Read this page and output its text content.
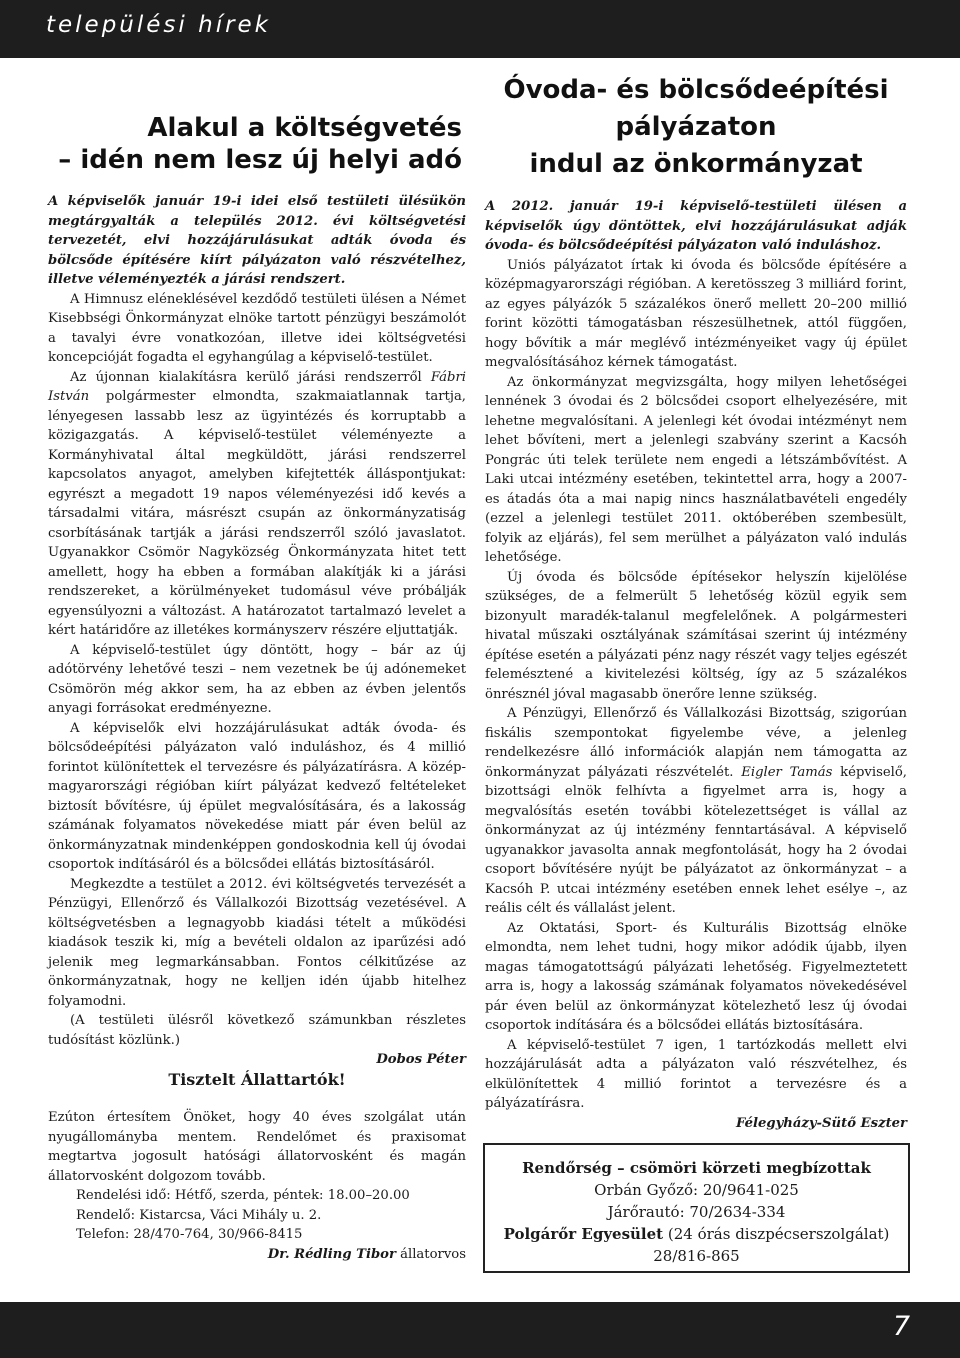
települési hírek
Alakul a költségvetés
– idén nem lesz új helyi adó

A képviselők január 19-i idei első testületi ülésükön megtárgyalták a település 2012. évi költségvetési tervezetét, elvi hozzájárulásukat adták óvoda és bölcsőde építésére kiírt pályázaton való részvételhez, illetve véleményezték a járási rendszert.

A Himnusz eléneklésével kezdődő testületi ülésen a Német Kisebbségi Önkormányzat elnöke tartott pénzügyi beszámolót a tavalyi évre vonatkozóan, illetve idei költségvetési koncepcióját fogadta el egyhangúlag a képviselő-testület.

Az újonnan kialakításra kerülő járási rendszerről Fábri István polgármester elmondta, szakmaiatlannak tartja, lényegesen lassabb lesz az ügyintézés és korruptabb a közigazgatás. A képviselő-testület véleményezte a Kormányhivatal által megküldött, járási rendszerrel kapcsolatos anyagot, amelyben kifejtették álláspontjukat: egyrészt a megadott 19 napos véleményezési idő kevés a társadalmi vitára, másrészt csupán az önkormányzatiság csorbításának tartják a járási rendszerről szóló javaslatot. Ugyanakkor Csömör Nagyközség Önkormányzata hitet tett amellett, hogy ha ebben a formában alakítják ki a járási rendszereket, a körülményeket tudomásul véve próbálják egyensúlyozni a változást. A határozatot tartalmazó levelet a kért határidőre az illetékes kormányszerv részére eljuttatják.

A képviselő-testület úgy döntött, hogy – bár az új adótörvény lehetővé teszi – nem vezetnek be új adónemeket Csömörön még akkor sem, ha az ebben az évben jelentős anyagi forrásokat eredményezne.

A képviselők elvi hozzájárulásukat adták óvoda- és bölcsődeépítési pályázaton való induláshoz, és 4 millió forintot különítettek el tervezésre és pályázatírásra. A közép-magyarországi régióban kiírt pályázat kedvező feltételeket biztosít bővítésre, új épület megvalósítására, és a lakosság számának folyamatos növekedése miatt pár éven belül az önkormányzatnak mindenképpen gondoskodnia kell új óvodai csoportok indításáról és a bölcsődei ellátás biztosításáról.

Megkezdte a testület a 2012. évi költségvetés tervezését a Pénzügyi, Ellenőrző és Vállalkozói Bizottság vezetésével. A költségvetésben a legnagyobb kiadási tételt a működési kiadások teszik ki, míg a bevételi oldalon az iparűzési adó jelenik meg legmarkánsabban. Fontos célkitűzése az önkormányzatnak, hogy ne kelljen idén újabb hitelhez folyamodni.

(A testületi ülésről következő számunkban részletes tudósítást közlünk.)

Dobos Péter

Óvoda- és bölcsődeépítési
pályázaton
indul az önkormányzat

A 2012. január 19-i képviselő-testületi ülésen a képviselők úgy döntöttek, elvi hozzájárulásukat adják óvoda- és bölcsődeépítési pályázaton való induláshoz.

Uniós pályázatot írtak ki óvoda és bölcsőde építésére a középmagyarországi régióban. A keretösszeg 3 milliárd forint, az egyes pályázók 5 százalékos önerő mellett 20–200 millió forint közötti támogatásban részesülhetnek, attól függően, hogy bővítik a már meglévő intézményeiket vagy új épület megvalósításához kérnek támogatást.

Az önkormányzat megvizsgálta, hogy milyen lehetőségei lennének 3 óvodai és 2 bölcsődei csoport elhelyezésére, mit lehetne megvalósítani. A jelenlegi két óvodai intézményt nem lehet bővíteni, mert a jelenlegi szabvány szerint a Kacsóh Pongrác úti telek területe nem engedi a létszámbővítést. A Laki utcai intézmény esetében, tekintettel arra, hogy a 2007-es átadás óta a mai napig nincs használatbavételi engedély (ezzel a jelenlegi testület 2011. októberében szembesült, folyik az eljárás), fel sem merülhet a pályázaton való indulás lehetősége.

Új óvoda és bölcsőde építésekor helyszín kijelölése szükséges, de a felmerült 5 lehetőség közül egyik sem bizonyult maradék-talanul megfelelőnek. A polgármesteri hivatal műszaki osztályának számításai szerint új intézmény építése esetén a pályázati pénz nagy részét vagy teljes egészét felemésztené a kivitelezési költség, így az 5 százalékos önrésznél jóval magasabb önerőre lenne szükség.

A Pénzügyi, Ellenőrző és Vállalkozási Bizottság, szigorúan fiskális szempontokat figyelembe véve, a jelenleg rendelkezésre álló információk alapján nem támogatta az önkormányzat pályázati részvételét. Eigler Tamás képviselő, bizottsági elnök felhívta a figyelmet arra is, hogy a megvalósítás esetén további kötelezettséget is vállal az önkormányzat az új intézmény fenntartásával. A képviselő ugyanakkor javasolta annak megfontolását, hogy ha 2 óvodai csoport bővítésére nyújt be pályázatot az önkormányzat – a Kacsóh P. utcai intézmény esetében ennek lehet esélye –, az reális célt és vállalást jelent.

Az Oktatási, Sport- és Kulturális Bizottság elnöke elmondta, nem lehet tudni, hogy mikor adódik újabb, ilyen magas támogatottságú pályázati lehetőség. Figyelmeztetett arra is, hogy a lakosság számának folyamatos növekedésével pár éven belül az önkormányzat kötelezhető lesz új óvodai csoportok indítására és a bölcsődei ellátás biztosítására.

A képviselő-testület 7 igen, 1 tartózkodás mellett elvi hozzájárulását adta a pályázaton való részvételhez, és elkülönítettek 4 millió forintot a tervezésre és a pályázatírásra.

Félegyházy-Sütő Eszter

Tisztelt Állattartók!

Ezúton értesítem Önöket, hogy 40 éves szolgálat után nyugállományba mentem. Rendelőmet és praxisomat megtartva jogosult hatósági állatorvosként és magán állatorvosként dolgozom tovább.

Rendelési idő: Hétfő, szerda, péntek: 18.00–20.00

Rendelő: Kistarcsa, Váci Mihály u. 2.

Telefon: 28/470-764, 30/966-8415

Dr. Rédling Tibor állatorvos

Rendőrség – csömöri körzeti megbízottak
Orbán Győző: 20/9641-025
Járőrautó: 70/2634-334
Polgárőr Egyesület (24 órás diszpécserszolgálat)
28/816-865
7
